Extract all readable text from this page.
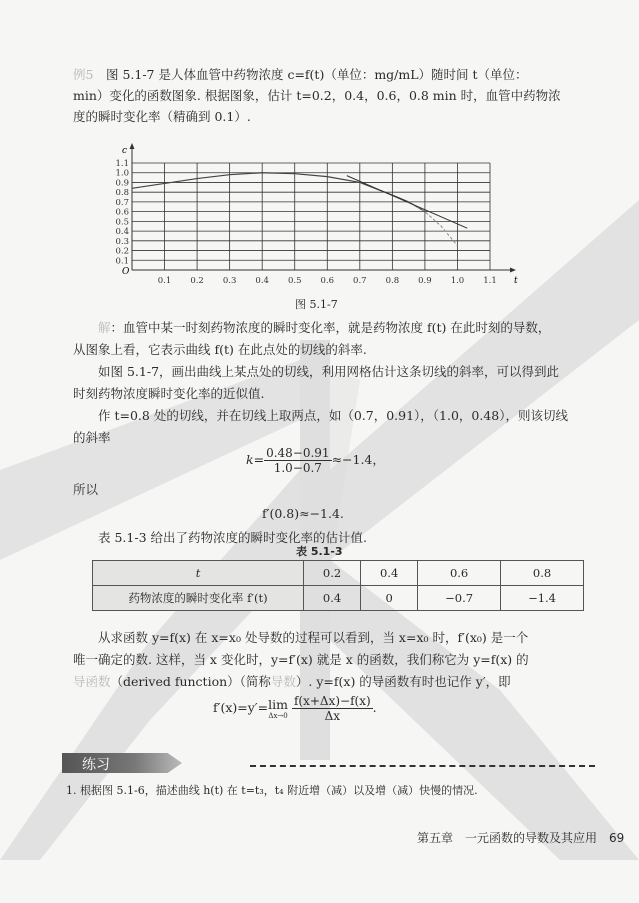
例5　 图 5.1-7 是人体血管中药物浓度 c=f(t)（单位：mg/mL）随时间 t（单位：
min）变化的函数图象. 根据图象，估计 t=0.2，0.4，0.6，0.8 min 时，血管中药物浓
度的瞬时变化率（精确到 0.1）.
0.1 0.2 0.3 0.4 0.5 0.6 0.7 0.8 0.9 1.0 1.1
0.1
0.2
0.3
0.4
0.5
0.6
0.7
0.8
0.9
1.0
1.1
t
c
O
图 5.1-7
解：血管中某一时刻药物浓度的瞬时变化率，就是药物浓度 f(t) 在此时刻的导数，
从图象上看，它表示曲线 f(t) 在此点处的切线的斜率.
如图 5.1-7，画出曲线上某点处的切线，利用网格估计这条切线的斜率，可以得到此
时刻药物浓度瞬时变化率的近似值.
作 t=0.8 处的切线，并在切线上取两点，如（0.7，0.91），（1.0，0.48），则该切线
的斜率
$k= \frac{0.48-0.91}{1.0-0.7} \approx-1.4$，
所以
f′(0.8)≈−1.4.
表 5.1-3 给出了药物浓度的瞬时变化率的估计值.
表 5.1-3
t	0.2	0.4	0.6	0.8
药物浓度的瞬时变化率 f′(t)	0.4	0	−0.7	−1.4
从求函数 y=f(x) 在 x=x₀ 处导数的过程可以看到，当 x=x₀ 时，f′(x₀) 是一个
唯一确定的数. 这样，当 x 变化时，y=f′(x) 就是 x 的函数，我们称它为 y=f(x) 的
导函数（derived function）（简称导数）. y=f(x) 的导函数有时也记作 y′，即
f′(x)=y′= lim
Δx→0
$\frac{f(x+\Delta x)-f(x)}{\Delta x}$ .
练习
1. 根据图 5.1-6，描述曲线 h(t) 在 t=t₃，t₄ 附近增（减）以及增（减）快慢的情况.
第五章　一元函数的导数及其应用　 69
